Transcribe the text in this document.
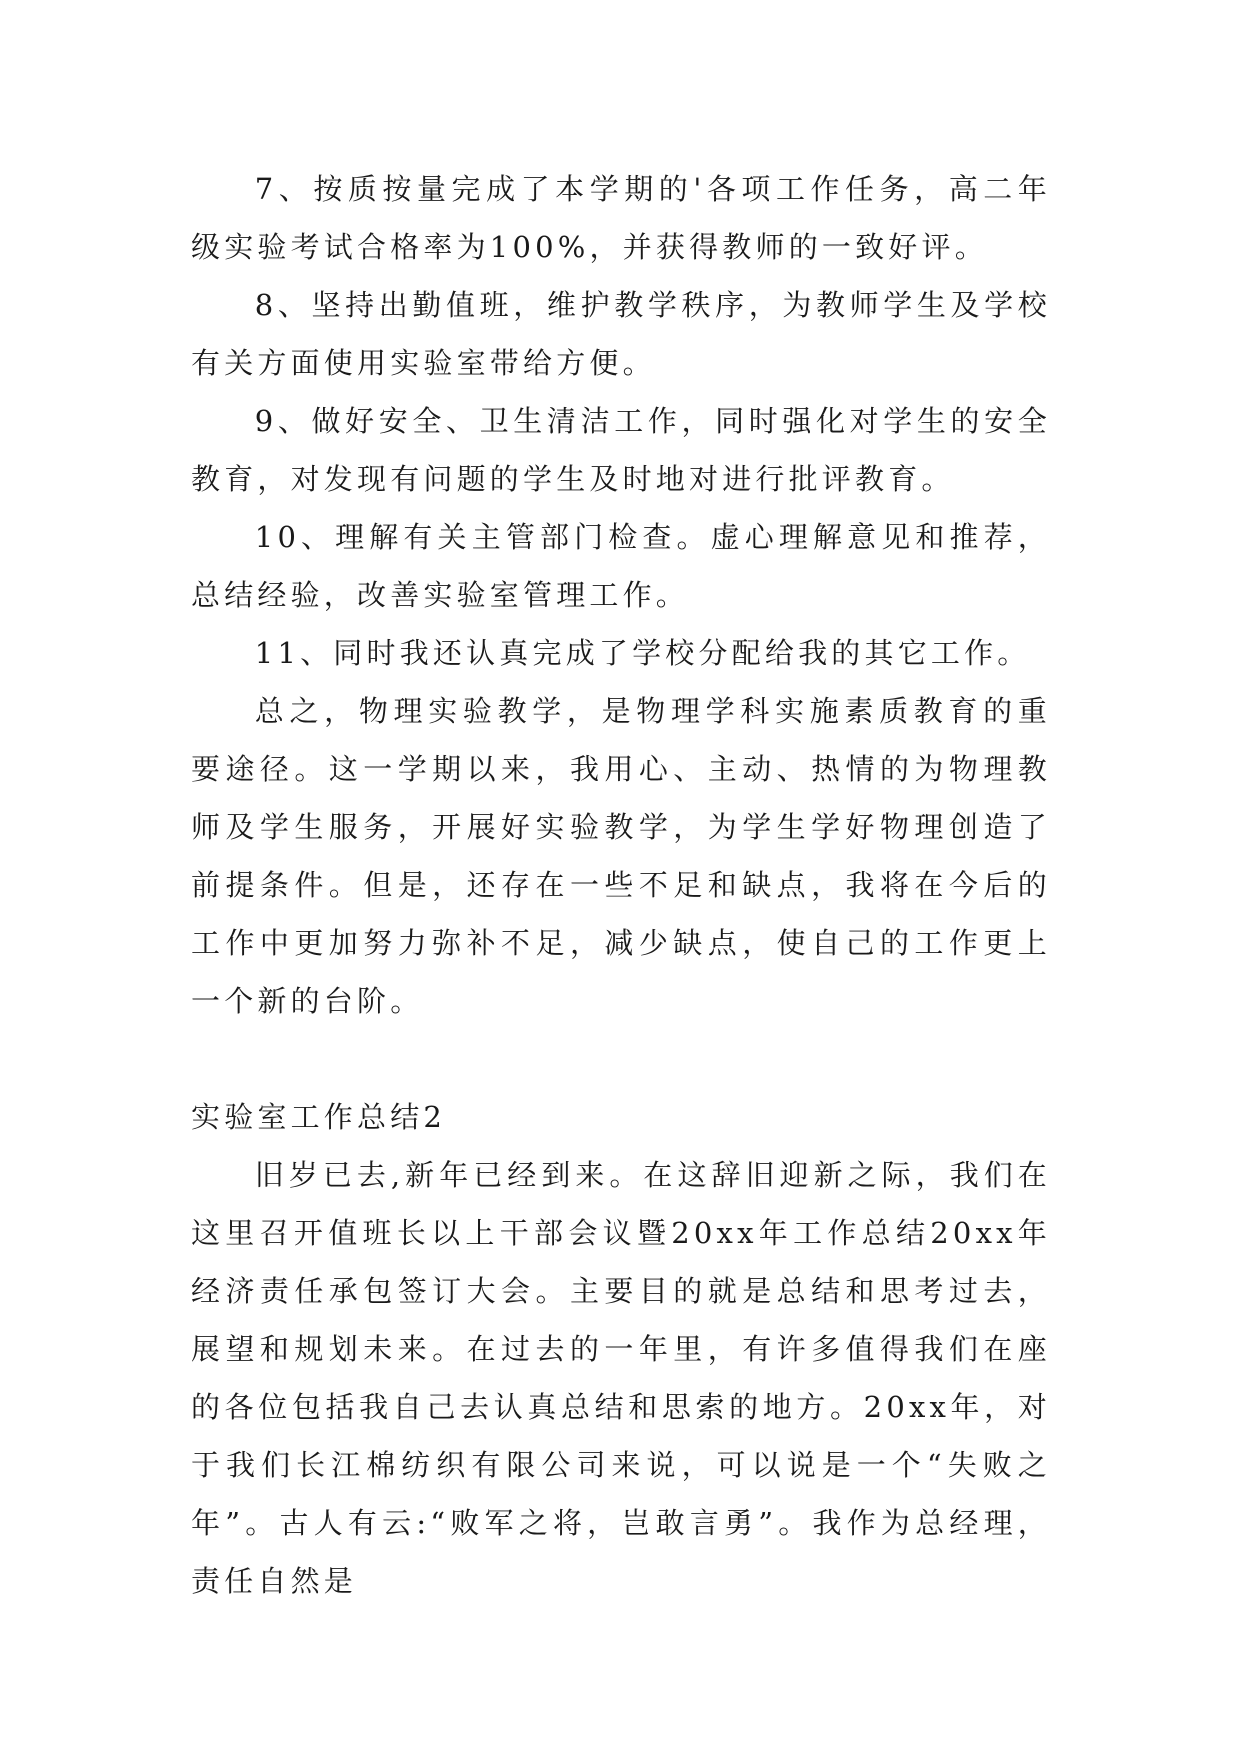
7、按质按量完成了本学期的'各项工作任务，高二年级实验考试合格率为100%，并获得教师的一致好评。

8、坚持出勤值班，维护教学秩序，为教师学生及学校有关方面使用实验室带给方便。

9、做好安全、卫生清洁工作，同时强化对学生的安全教育，对发现有问题的学生及时地对进行批评教育。

10、理解有关主管部门检查。虚心理解意见和推荐，总结经验，改善实验室管理工作。

11、同时我还认真完成了学校分配给我的其它工作。

总之，物理实验教学，是物理学科实施素质教育的重要途径。这一学期以来，我用心、主动、热情的为物理教师及学生服务，开展好实验教学，为学生学好物理创造了前提条件。但是，还存在一些不足和缺点，我将在今后的工作中更加努力弥补不足，减少缺点，使自己的工作更上一个新的台阶。

实验室工作总结2

旧岁已去,新年已经到来。在这辞旧迎新之际，我们在这里召开值班长以上干部会议暨20xx年工作总结20xx年经济责任承包签订大会。主要目的就是总结和思考过去，展望和规划未来。在过去的一年里，有许多值得我们在座的各位包括我自己去认真总结和思索的地方。20xx年，对于我们长江棉纺织有限公司来说，可以说是一个“失败之年”。古人有云:“败军之将，岂敢言勇”。我作为总经理，责任自然是
